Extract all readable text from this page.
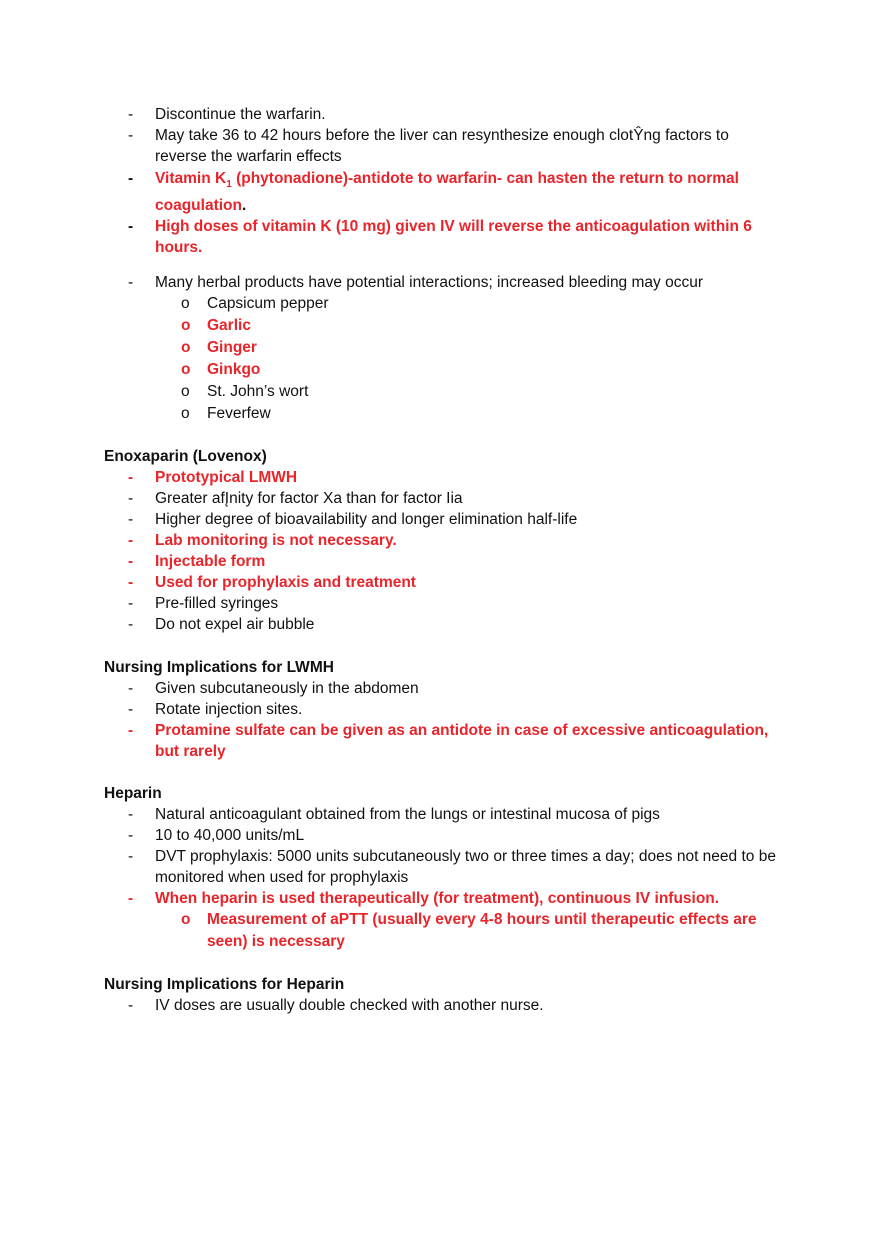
- Discontinue the warfarin.
- May take 36 to 42 hours before the liver can resynthesize enough clotŶng factors to reverse the warfarin effects
- Vitamin $K_1$ (phytonadione)-antidote to warfarin- can hasten the return to normal coagulation.
- High doses of vitamin K (10 mg) given IV will reverse the anticoagulation within 6 hours.
- Many herbal products have potential interactions; increased bleeding may occur
o Capsicum pepper
o Garlic
o Ginger
o Ginkgo
o St. John’s wort
o Feverfew
Enoxaparin (Lovenox)
- Prototypical LMWH
- Greater afĮnity for factor Xa than for factor Iia
- Higher degree of bioavailability and longer elimination half-life
- Lab monitoring is not necessary.
- Injectable form
- Used for prophylaxis and treatment
- Pre-filled syringes
- Do not expel air bubble
Nursing Implications for LWMH
- Given subcutaneously in the abdomen
- Rotate injection sites.
- Protamine sulfate can be given as an antidote in case of excessive anticoagulation, but rarely
Heparin
- Natural anticoagulant obtained from the lungs or intestinal mucosa of pigs
- 10 to 40,000 units/mL
- DVT prophylaxis: 5000 units subcutaneously two or three times a day; does not need to be monitored when used for prophylaxis
- When heparin is used therapeutically (for treatment), continuous IV infusion.
o Measurement of aPTT (usually every 4-8 hours until therapeutic effects are seen) is necessary
Nursing Implications for Heparin
- IV doses are usually double checked with another nurse.
